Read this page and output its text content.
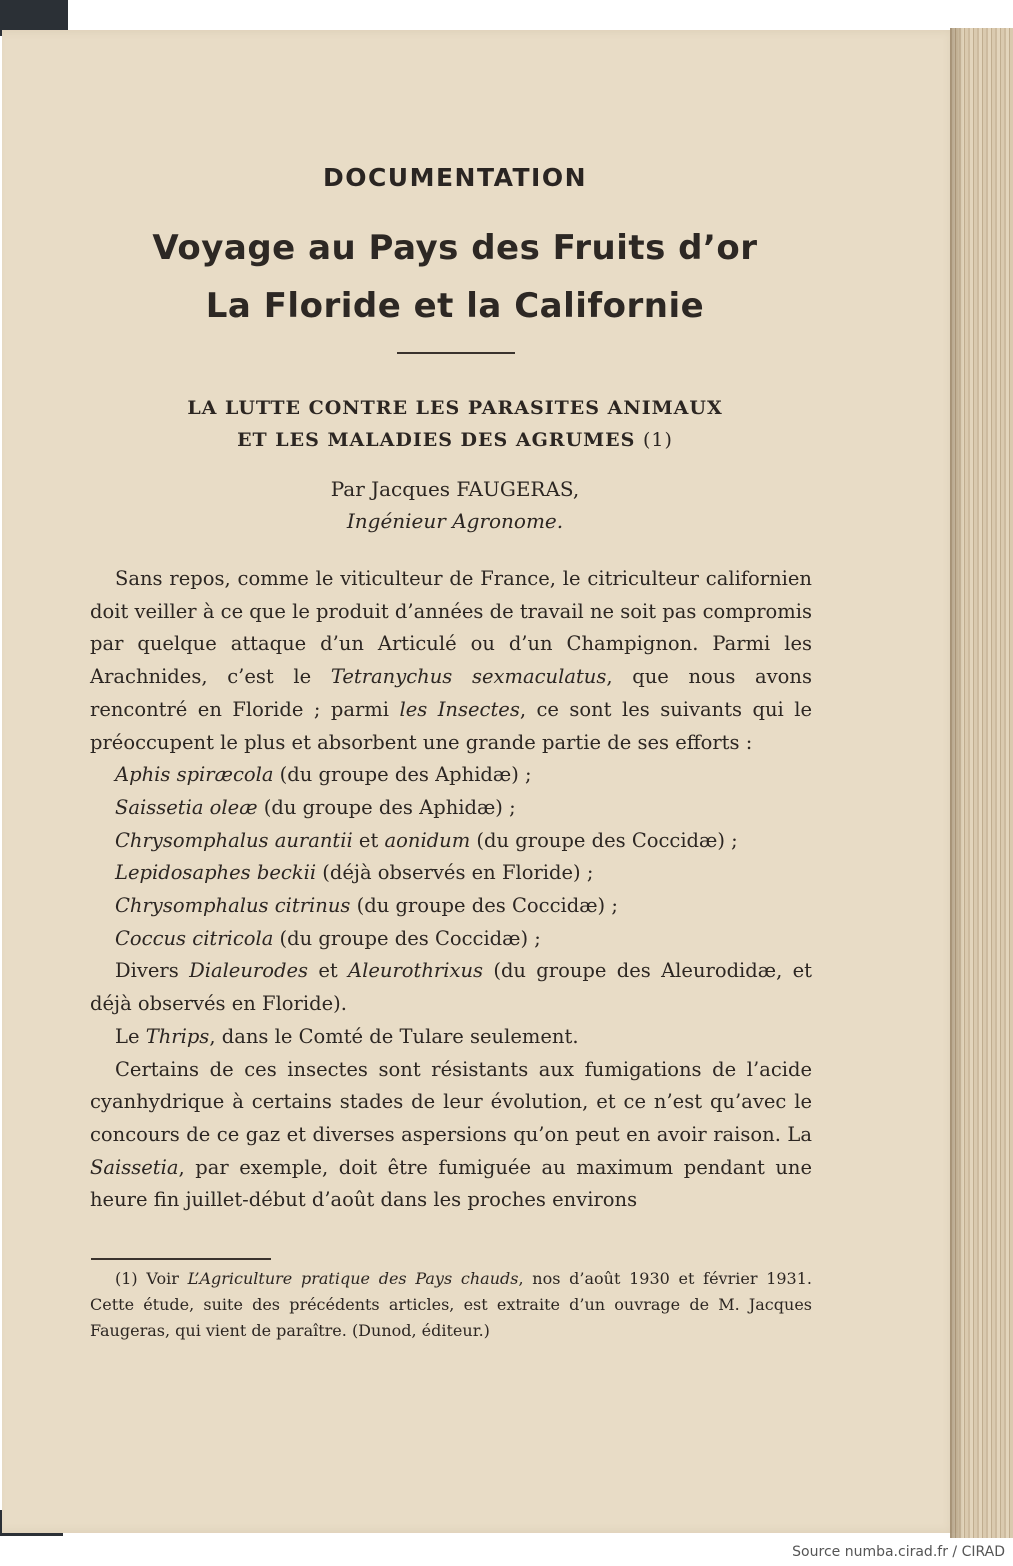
DOCUMENTATION
Voyage au Pays des Fruits d’or
La Floride et la Californie
LA LUTTE CONTRE LES PARASITES ANIMAUX
ET LES MALADIES DES AGRUMES (1)
Par Jacques FAUGERAS,
Ingénieur Agronome.

Sans repos, comme le viticulteur de France, le citriculteur californien doit veiller à ce que le produit d’années de travail ne soit pas compromis par quelque attaque d’un Articulé ou d’un Champignon. Parmi les Arachnides, c’est le Tetranychus sexmaculatus, que nous avons rencontré en Floride ; parmi les Insectes, ce sont les suivants qui le préoccupent le plus et absorbent une grande partie de ses efforts :

Aphis spiræcola (du groupe des Aphidæ) ;

Saissetia oleæ (du groupe des Aphidæ) ;

Chrysomphalus aurantii et aonidum (du groupe des Coccidæ) ;

Lepidosaphes beckii (déjà observés en Floride) ;

Chrysomphalus citrinus (du groupe des Coccidæ) ;

Coccus citricola (du groupe des Coccidæ) ;

Divers Dialeurodes et Aleurothrixus (du groupe des Aleurodidæ, et déjà observés en Floride).

Le Thrips, dans le Comté de Tulare seulement.

Certains de ces insectes sont résistants aux fumigations de l’acide cyanhydrique à certains stades de leur évolution, et ce n’est qu’avec le concours de ce gaz et diverses aspersions qu’on peut en avoir raison. La Saissetia, par exemple, doit être fumiguée au maximum pendant une heure fin juillet-début d’août dans les proches environs

(1) Voir L’Agriculture pratique des Pays chauds, nos d’août 1930 et février 1931. Cette étude, suite des précédents articles, est extraite d’un ouvrage de M. Jacques Faugeras, qui vient de paraître. (Dunod, éditeur.)

Source numba.cirad.fr / CIRAD
